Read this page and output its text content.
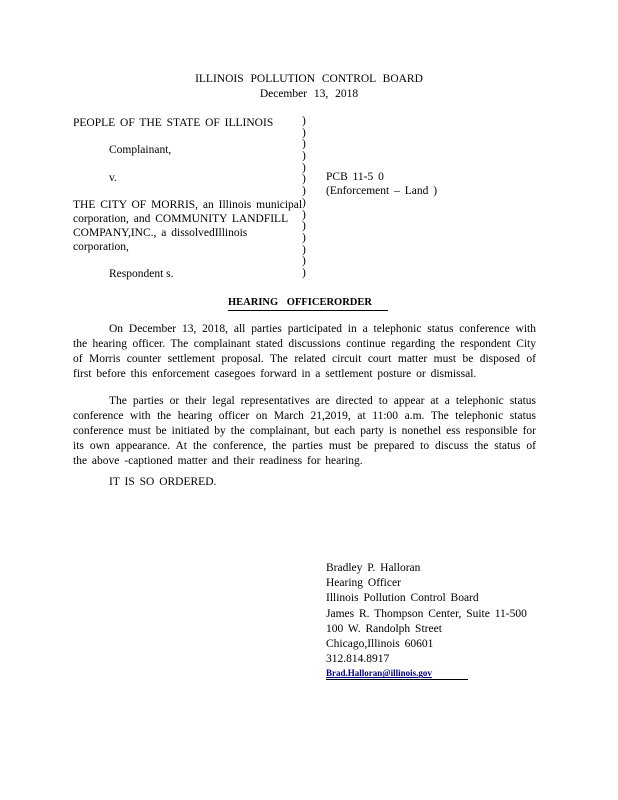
ILLINOIS POLLUTION CONTROL BOARD
December 13, 2018
PEOPLE OF THE STATE OF ILLINOIS
Complainant,
v.
THE CITY OF MORRIS, an Illinois municipal
corporation, and COMMUNITY LANDFILL
COMPANY,INC., a dissolvedIllinois
corporation,
Respondent s.
)
)
)
)
)
)
)
)
)
)
)
)
)
)
PCB 11-5 0
(Enforcement – Land )
HEARING OFFICERORDER
On December 13, 2018, all parties participated in a telephonic status conference with the hearing officer. The complainant stated discussions continue regarding the respondent City of Morris counter settlement proposal. The related circuit court matter must be disposed of first before this enforcement casegoes forward in a settlement posture or dismissal.
The parties or their legal representatives are directed to appear at a telephonic status conference with the hearing officer on March 21,2019, at 11:00 a.m. The telephonic status conference must be initiated by the complainant, but each party is nonethel ess responsible for its own appearance. At the conference, the parties must be prepared to discuss the status of the above -captioned matter and their readiness for hearing.
IT IS SO ORDERED.
Bradley P. Halloran
Hearing Officer
Illinois Pollution Control Board
James R. Thompson Center, Suite 11-500
100 W. Randolph Street
Chicago,Illinois 60601
312.814.8917
Brad.Halloran@illinois.gov
